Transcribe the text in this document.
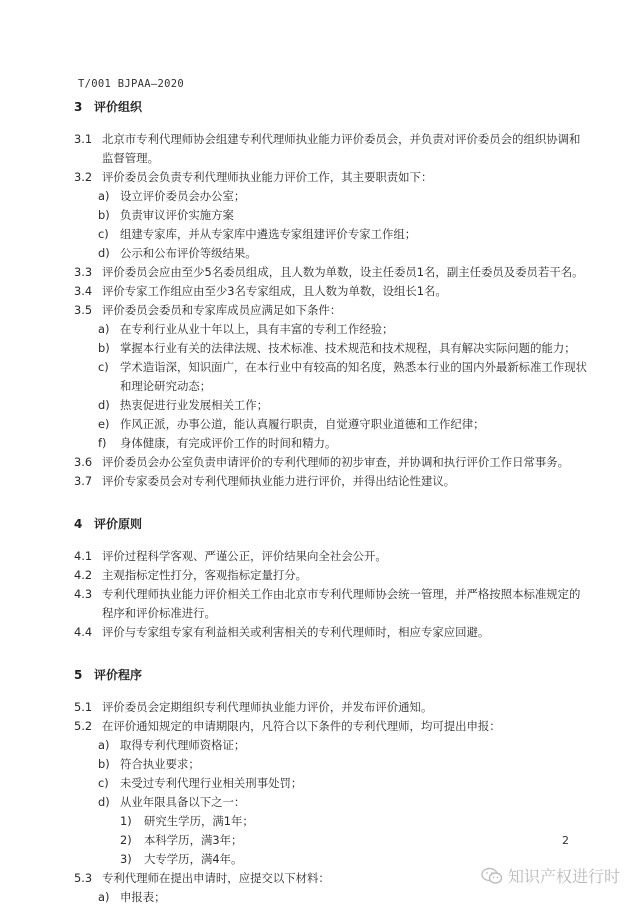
T/001 BJPAA—2020
3 评价组织
3.1 北京市专利代理师协会组建专利代理师执业能力评价委员会，并负责对评价委员会的组织协调和监督管理。
3.2 评价委员会负责专利代理师执业能力评价工作，其主要职责如下：
a) 设立评价委员会办公室；
b) 负责审议评价实施方案
c) 组建专家库，并从专家库中遴选专家组建评价专家工作组；
d) 公示和公布评价等级结果。
3.3 评价委员会应由至少5名委员组成，且人数为单数，设主任委员1名，副主任委员及委员若干名。
3.4 评价专家工作组应由至少3名专家组成，且人数为单数，设组长1名。
3.5 评价委员会委员和专家库成员应满足如下条件：
a) 在专利行业从业十年以上，具有丰富的专利工作经验；
b) 掌握本行业有关的法律法规、技术标准、技术规范和技术规程，具有解决实际问题的能力；
c) 学术造诣深，知识面广，在本行业中有较高的知名度，熟悉本行业的国内外最新标准工作现状和理论研究动态；
d) 热衷促进行业发展相关工作；
e) 作风正派，办事公道，能认真履行职责，自觉遵守职业道德和工作纪律；
f)	身体健康，有完成评价工作的时间和精力。
3.6 评价委员会办公室负责申请评价的专利代理师的初步审查，并协调和执行评价工作日常事务。
3.7 评价专家委员会对专利代理师执业能力进行评价，并得出结论性建议。
4 评价原则
4.1 评价过程科学客观、严谨公正，评价结果向全社会公开。
4.2 主观指标定性打分，客观指标定量打分。
4.3 专利代理师执业能力评价相关工作由北京市专利代理师协会统一管理，并严格按照本标准规定的程序和评价标准进行。
4.4 评价与专家组专家有利益相关或利害相关的专利代理师时，相应专家应回避。
5 评价程序
5.1 评价委员会定期组织专利代理师执业能力评价，并发布评价通知。
5.2 在评价通知规定的申请期限内，凡符合以下条件的专利代理师，均可提出申报：
a) 取得专利代理师资格证；
b) 符合执业要求；
c) 未受过专利代理行业相关刑事处罚；
d) 从业年限具备以下之一：
1)	研究生学历，满1年；
2)	本科学历，满3年；
3)	大专学历，满4年。
5.3 专利代理师在提出申请时，应提交以下材料：
a) 申报表；
2
知识产权进行时
